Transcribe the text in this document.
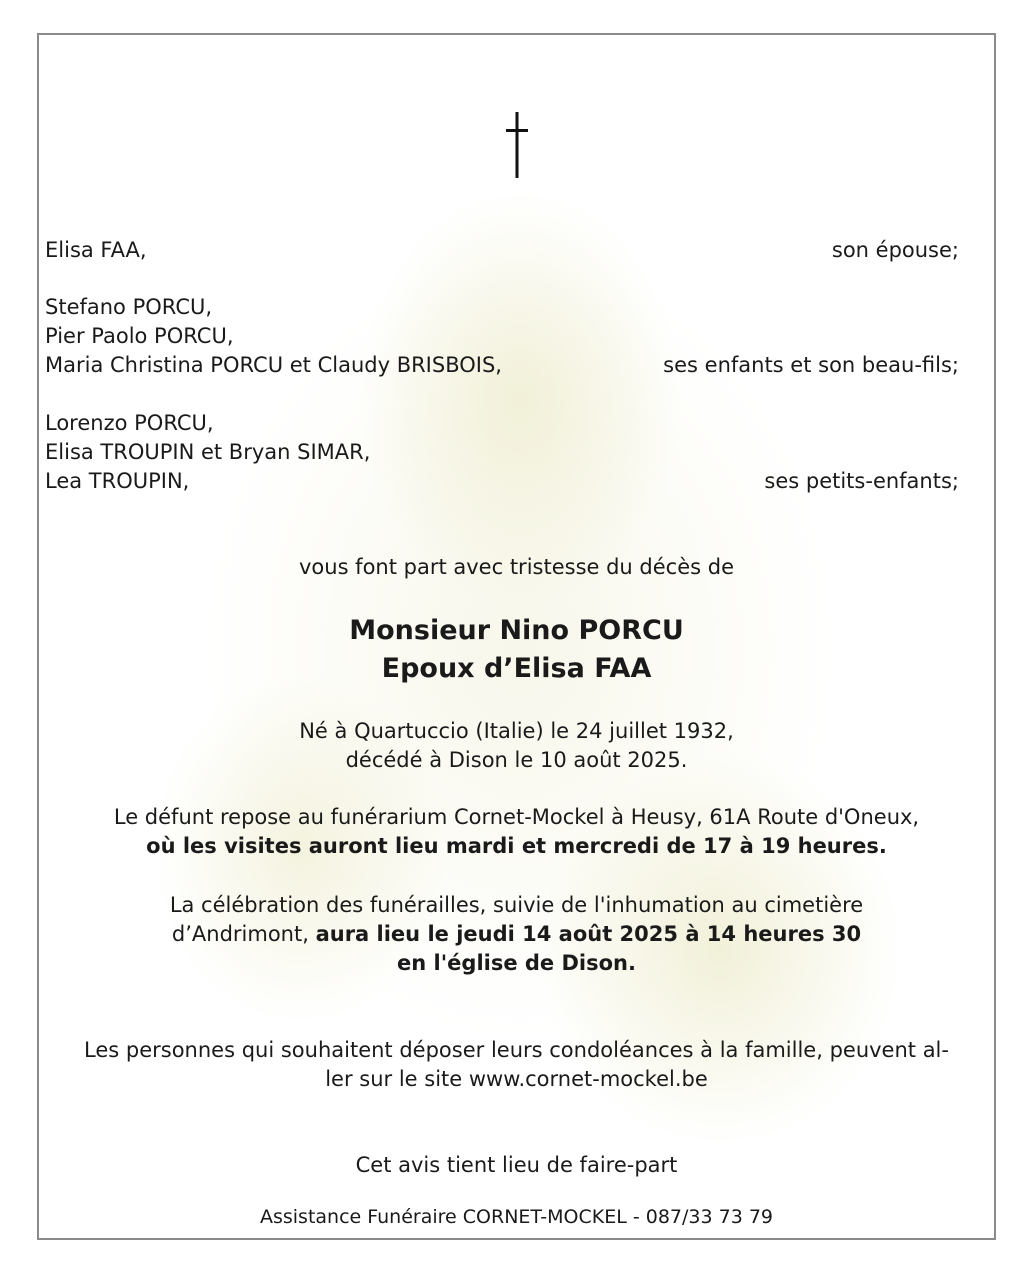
Elisa FAA,	son épouse;
Stefano PORCU,
Pier Paolo PORCU,
Maria Christina PORCU et Claudy BRISBOIS,	ses enfants et son beau-fils;
Lorenzo PORCU,
Elisa TROUPIN et Bryan SIMAR,
Lea TROUPIN,	ses petits-enfants;
vous font part avec tristesse du décès de
Monsieur Nino PORCU
Epoux d’Elisa FAA
Né à Quartuccio (Italie) le 24 juillet 1932,
décédé à Dison le 10 août 2025.
Le défunt repose au funérarium Cornet-Mockel à Heusy, 61A Route d'Oneux,
où les visites auront lieu mardi et mercredi de 17 à 19 heures.
La célébration des funérailles, suivie de l'inhumation au cimetière
d’Andrimont, aura lieu le jeudi 14 août 2025 à 14 heures 30
en l'église de Dison.
Les personnes qui souhaitent déposer leurs condoléances à la famille, peuvent al-
ler sur le site www.cornet-mockel.be
Cet avis tient lieu de faire-part
Assistance Funéraire CORNET-MOCKEL - 087/33 73 79
